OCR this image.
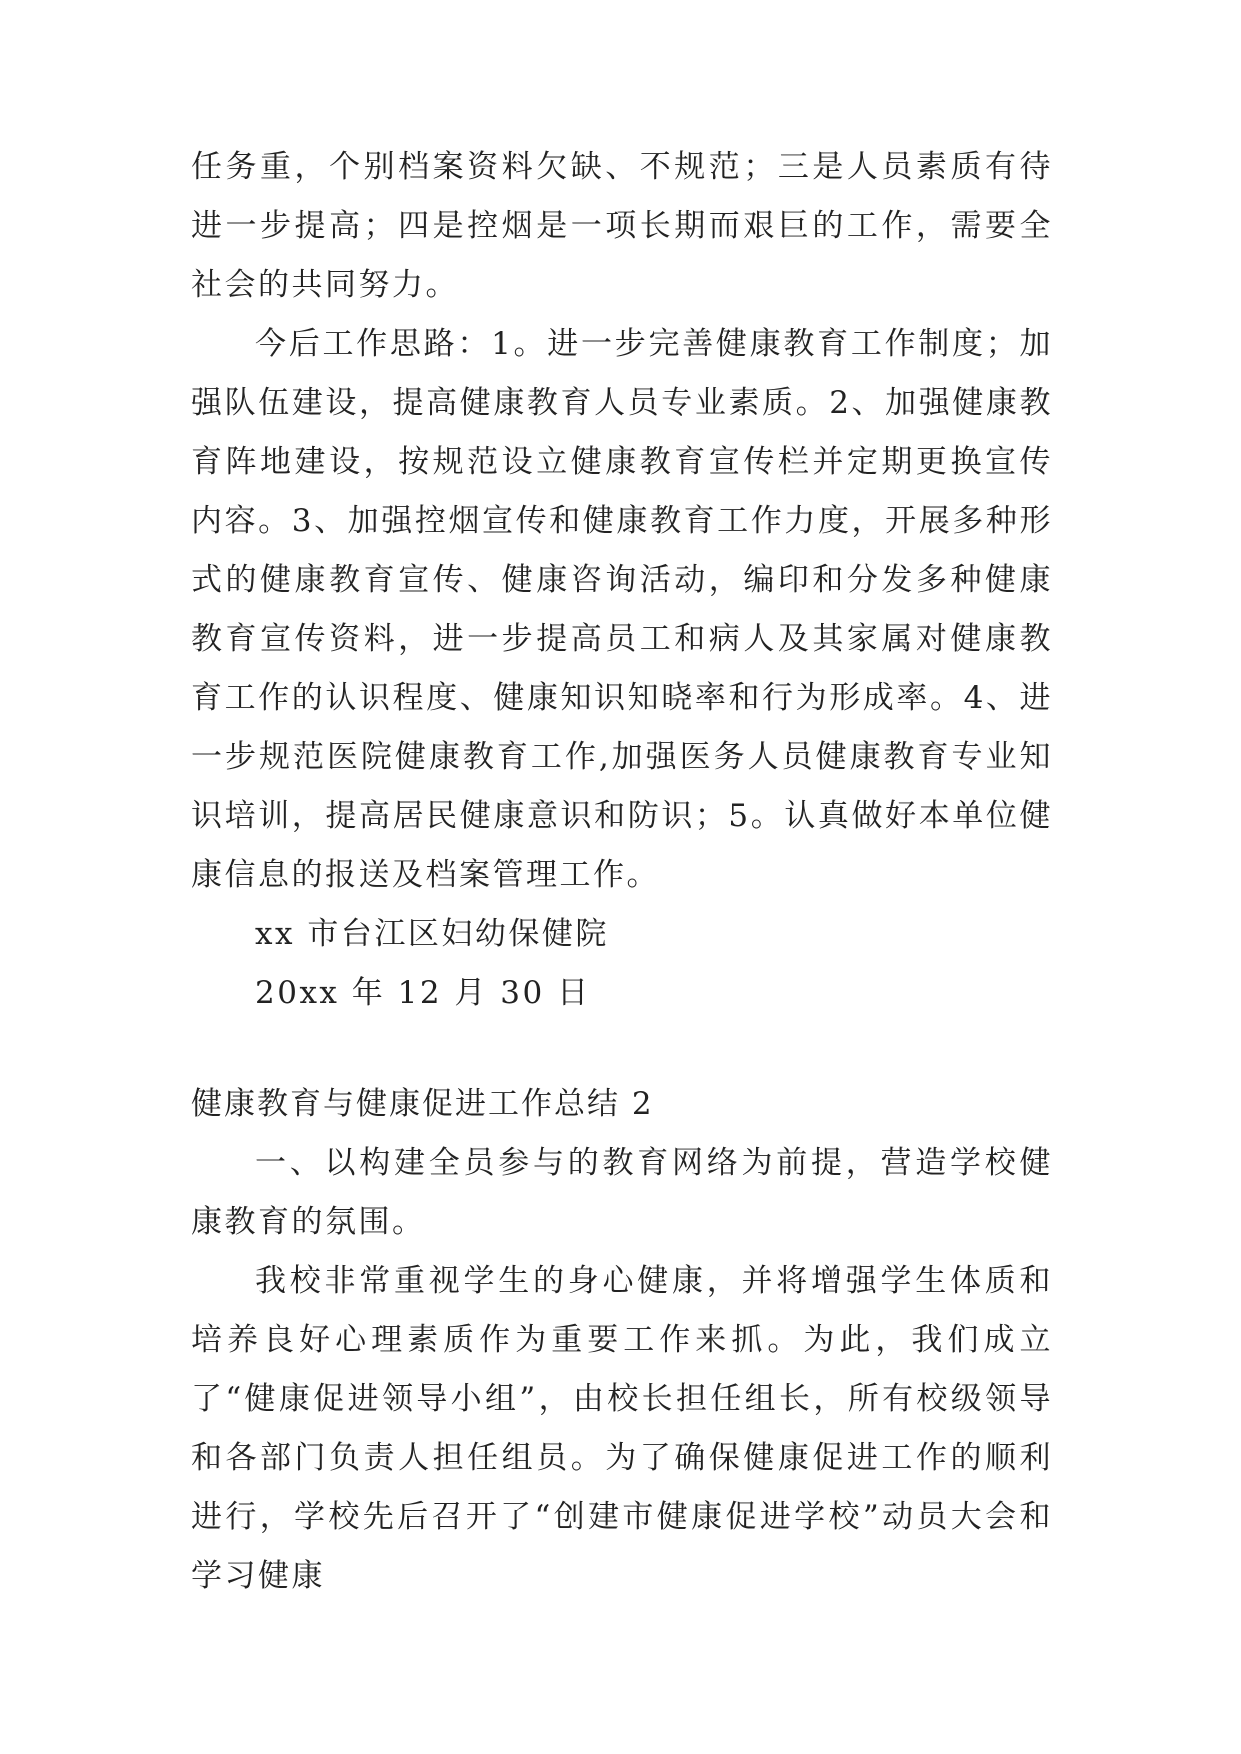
任务重，个别档案资料欠缺、不规范；三是人员素质有待进一步提高；四是控烟是一项长期而艰巨的工作，需要全社会的共同努力。

今后工作思路：1。进一步完善健康教育工作制度；加强队伍建设，提高健康教育人员专业素质。2、加强健康教育阵地建设，按规范设立健康教育宣传栏并定期更换宣传内容。3、加强控烟宣传和健康教育工作力度，开展多种形式的健康教育宣传、健康咨询活动，编印和分发多种健康教育宣传资料，进一步提高员工和病人及其家属对健康教育工作的认识程度、健康知识知晓率和行为形成率。4、进一步规范医院健康教育工作,加强医务人员健康教育专业知识培训，提高居民健康意识和防识；5。认真做好本单位健康信息的报送及档案管理工作。

xx 市台江区妇幼保健院

20xx 年 12 月 30 日

健康教育与健康促进工作总结 2

一、以构建全员参与的教育网络为前提，营造学校健康教育的氛围。

我校非常重视学生的身心健康，并将增强学生体质和培养良好心理素质作为重要工作来抓。为此，我们成立了“健康促进领导小组”，由校长担任组长，所有校级领导和各部门负责人担任组员。为了确保健康促进工作的顺利进行，学校先后召开了“创建市健康促进学校”动员大会和学习健康
